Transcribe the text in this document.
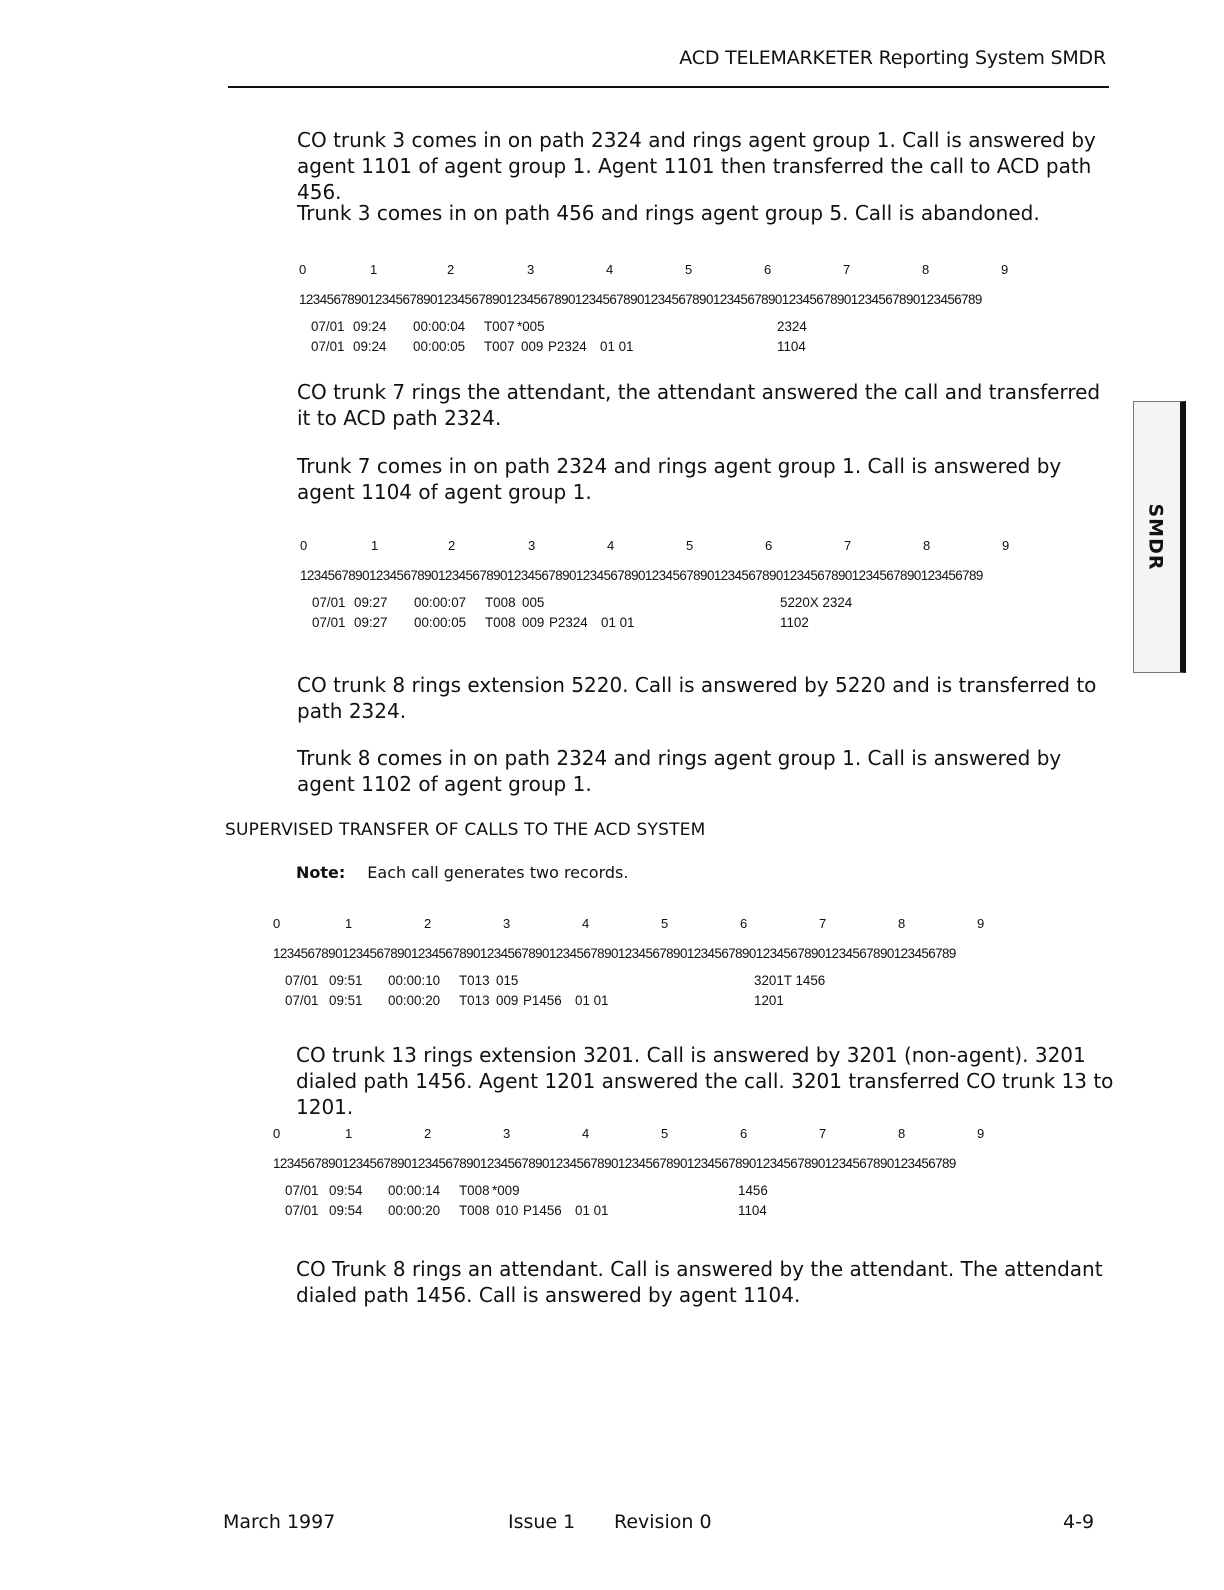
ACD TELEMARKETER Reporting System SMDR
SMDR
CO trunk 3 comes in on path 2324 and rings agent group 1. Call is answered by agent 1101 of agent group 1. Agent 1101 then transferred the call to ACD path 456.
Trunk 3 comes in on path 456 and rings agent group 5. Call is abandoned.
0	1	2	3	4	5	6	7	8	9
123456789012345678901234567890123456789012345678901234567890123456789012345678901234567890123456789
07/01 09:24 00:00:04 T007 *005	2324
07/01 09:24 00:00:05 T007 009 P2324 01 01	1104
CO trunk 7 rings the attendant, the attendant answered the call and transferred it to ACD path 2324.
Trunk 7 comes in on path 2324 and rings agent group 1. Call is answered by agent 1104 of agent group 1.
0	1	2	3	4	5	6	7	8	9
123456789012345678901234567890123456789012345678901234567890123456789012345678901234567890123456789
07/01 09:27 00:00:07 T008 005	5220X 2324
07/01 09:27 00:00:05 T008 009 P2324 01 01	1102
CO trunk 8 rings extension 5220. Call is answered by 5220 and is transferred to path 2324.
Trunk 8 comes in on path 2324 and rings agent group 1. Call is answered by agent 1102 of agent group 1.
SUPERVISED TRANSFER OF CALLS TO THE ACD SYSTEM
Note: Each call generates two records.
0	1	2	3	4	5	6	7	8	9
123456789012345678901234567890123456789012345678901234567890123456789012345678901234567890123456789
07/01 09:51 00:00:10 T013 015	3201T 1456
07/01 09:51 00:00:20 T013 009 P1456 01 01	1201
CO trunk 13 rings extension 3201. Call is answered by 3201 (non-agent). 3201 dialed path 1456. Agent 1201 answered the call. 3201 transferred CO trunk 13 to 1201.
0	1	2	3	4	5	6	7	8	9
123456789012345678901234567890123456789012345678901234567890123456789012345678901234567890123456789
07/01 09:54 00:00:14 T008 *009	1456
07/01 09:54 00:00:20 T008 010 P1456 01 01	1104
CO Trunk 8 rings an attendant. Call is answered by the attendant. The attendant dialed path 1456. Call is answered by agent 1104.
March 1997	Issue 1 Revision 0	4-9
